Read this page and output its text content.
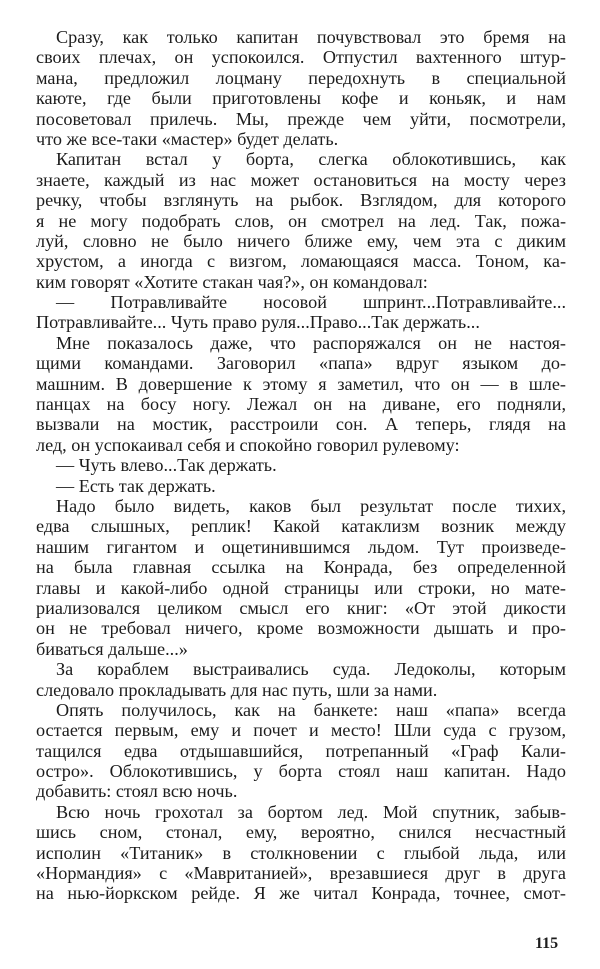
Сразу, как только капитан почувствовал это бремя на
своих плечах, он успокоился. Отпустил вахтенного штур-
мана, предложил лоцману передохнуть в специальной
каюте, где были приготовлены кофе и коньяк, и нам
посоветовал прилечь. Мы, прежде чем уйти, посмотрели,
что же все-таки «мастер» будет делать.
Капитан встал у борта, слегка облокотившись, как
знаете, каждый из нас может остановиться на мосту через
речку, чтобы взглянуть на рыбок. Взглядом, для которого
я не могу подобрать слов, он смотрел на лед. Так, пожа-
луй, словно не было ничего ближе ему, чем эта с диким
хрустом, а иногда с визгом, ломающаяся масса. Тоном, ка-
ким говорят «Хотите стакан чая?», он командовал:
— Потравливайте носовой шпринт...Потравливайте...
Потравливайте... Чуть право руля...Право...Так держать...
Мне показалось даже, что распоряжался он не настоя-
щими командами. Заговорил «папа» вдруг языком до-
машним. В довершение к этому я заметил, что он — в шле-
панцах на босу ногу. Лежал он на диване, его подняли,
вызвали на мостик, расстроили сон. А теперь, глядя на
лед, он успокаивал себя и спокойно говорил рулевому:
— Чуть влево...Так держать.
— Есть так держать.
Надо было видеть, каков был результат после тихих,
едва слышных, реплик! Какой катаклизм возник между
нашим гигантом и ощетинившимся льдом. Тут произведе-
на была главная ссылка на Конрада, без определенной
главы и какой-либо одной страницы или строки, но мате-
риализовался целиком смысл его книг: «От этой дикости
он не требовал ничего, кроме возможности дышать и про-
биваться дальше...»
За кораблем выстраивались суда. Ледоколы, которым
следовало прокладывать для нас путь, шли за нами.
Опять получилось, как на банкете: наш «папа» всегда
остается первым, ему и почет и место! Шли суда с грузом,
тащился едва отдышавшийся, потрепанный «Граф Кали-
остро». Облокотившись, у борта стоял наш капитан. Надо
добавить: стоял всю ночь.
Всю ночь грохотал за бортом лед. Мой спутник, забыв-
шись сном, стонал, ему, вероятно, снился несчастный
исполин «Титаник» в столкновении с глыбой льда, или
«Нормандия» с «Мавританией», врезавшиеся друг в друга
на нью-йоркском рейде. Я же читал Конрада, точнее, смот-
115
